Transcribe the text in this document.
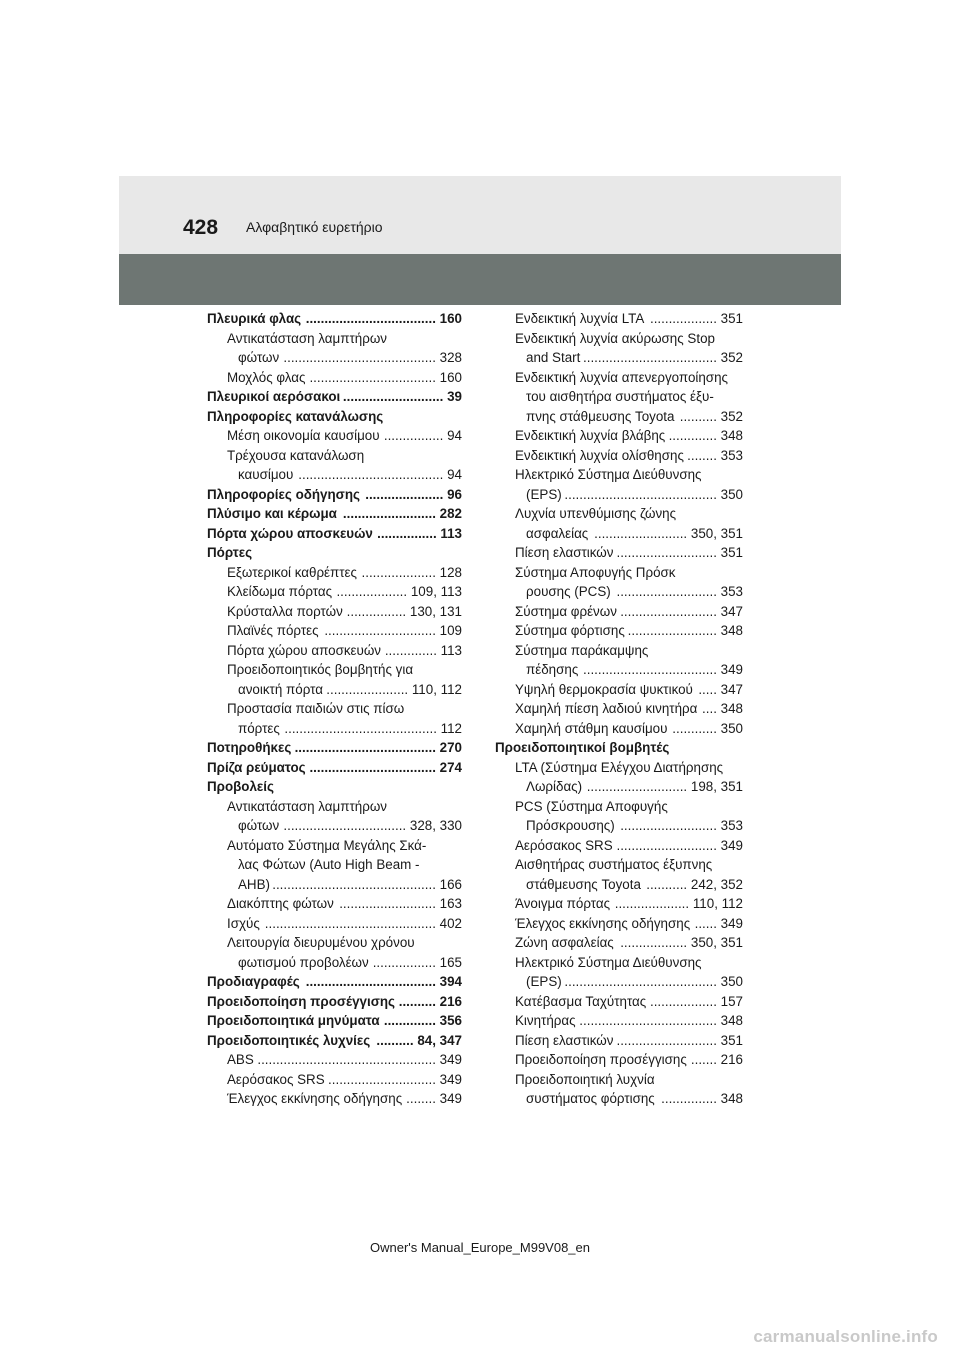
428 Αλφαβητικό ευρετήριο
Πλευρικά φλας ................................... 160
Αντικατάσταση λαμπτήρων
φώτων ......................................... 328
Μοχλός φλας .................................. 160
Πλευρικοί αερόσακοι ........................... 39
Πληροφορίες κατανάλωσης
Μέση οικονομία καυσίμου ................ 94
Τρέχουσα κατανάλωση
καυσίμου ....................................... 94
Πληροφορίες οδήγησης ..................... 96
Πλύσιμο και κέρωμα ......................... 282
Πόρτα χώρου αποσκευών ................ 113
Πόρτες
Εξωτερικοί καθρέπτες .................... 128
Κλείδωμα πόρτας ................... 109, 113
Κρύσταλλα πορτών ................ 130, 131
Πλαϊνές πόρτες .............................. 109
Πόρτα χώρου αποσκευών .............. 113
Προειδοποιητικός βομβητής για
ανοικτή πόρτα ...................... 110, 112
Προστασία παιδιών στις πίσω
πόρτες ......................................... 112
Ποτηροθήκες ...................................... 270
Πρίζα ρεύματος .................................. 274
Προβολείς
Αντικατάσταση λαμπτήρων
φώτων ................................. 328, 330
Αυτόματο Σύστημα Μεγάλης Σκά-
λας Φώτων (Auto High Beam -
AHB) ............................................ 166
Διακόπτης φώτων .......................... 163
Ισχύς .............................................. 402
Λειτουργία διευρυμένου χρόνου
φωτισμού προβολέων ................. 165
Προδιαγραφές ................................... 394
Προειδοποίηση προσέγγισης .......... 216
Προειδοποιητικά μηνύματα .............. 356
Προειδοποιητικές λυχνίες .......... 84, 347
ABS ................................................ 349
Αερόσακος SRS ............................. 349
Έλεγχος εκκίνησης οδήγησης ........ 349
Ενδεικτική λυχνία LTA .................. 351
Ενδεικτική λυχνία ακύρωσης Stop
and Start .................................... 352
Ενδεικτική λυχνία απενεργοποίησης
του αισθητήρα συστήματος έξυ-
πνης στάθμευσης Toyota .......... 352
Ενδεικτική λυχνία βλάβης ............. 348
Ενδεικτική λυχνία ολίσθησης ........ 353
Ηλεκτρικό Σύστημα Διεύθυνσης
(EPS) ......................................... 350
Λυχνία υπενθύμισης ζώνης
ασφαλείας ......................... 350, 351
Πίεση ελαστικών ........................... 351
Σύστημα Αποφυγής Πρόσκ
ρουσης (PCS) ........................... 353
Σύστημα φρένων .......................... 347
Σύστημα φόρτισης ........................ 348
Σύστημα παράκαμψης
πέδησης .................................... 349
Υψηλή θερμοκρασία ψυκτικού ..... 347
Χαμηλή πίεση λαδιού κινητήρα .... 348
Χαμηλή στάθμη καυσίμου ............ 350
Προειδοποιητικοί βομβητές
LTA (Σύστημα Ελέγχου Διατήρησης
Λωρίδας) ........................... 198, 351
PCS (Σύστημα Αποφυγής
Πρόσκρουσης) .......................... 353
Αερόσακος SRS ........................... 349
Αισθητήρας συστήματος έξυπνης
στάθμευσης Toyota ........... 242, 352
Άνοιγμα πόρτας .................... 110, 112
Έλεγχος εκκίνησης οδήγησης ...... 349
Ζώνη ασφαλείας .................. 350, 351
Ηλεκτρικό Σύστημα Διεύθυνσης
(EPS) ......................................... 350
Κατέβασμα Ταχύτητας .................. 157
Κινητήρας ..................................... 348
Πίεση ελαστικών ........................... 351
Προειδοποίηση προσέγγισης ....... 216
Προειδοποιητική λυχνία
συστήματος φόρτισης ............... 348
Owner's Manual_Europe_M99V08_en
carmanualsonline.info
